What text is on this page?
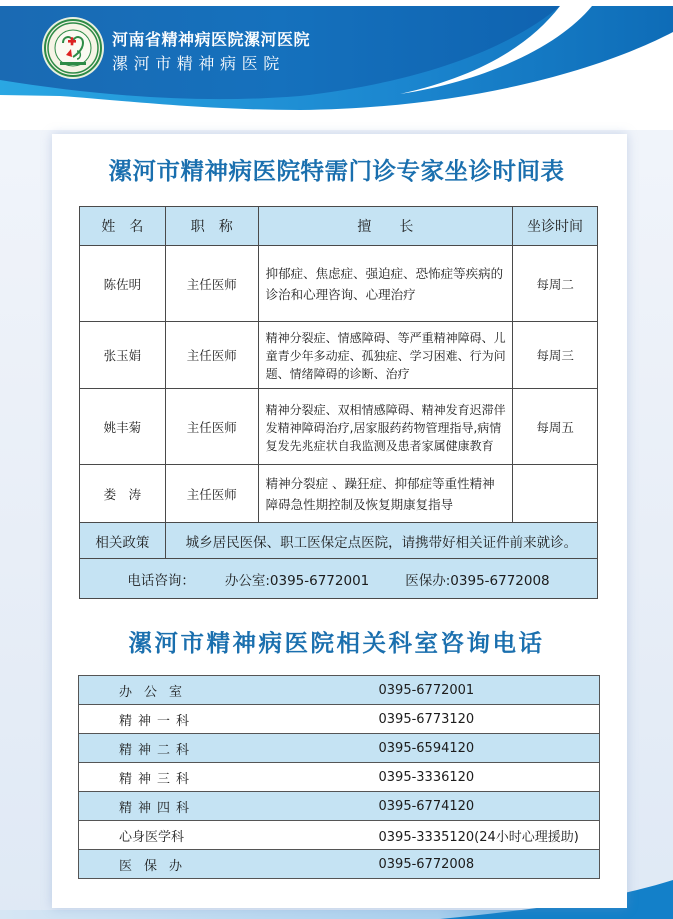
河南省精神病医院漯河医院
漯河市精神病医院
漯河市精神病医院特需门诊专家坐诊时间表
姓　名	职　称	擅　　长	坐诊时间
陈佐明	主任医师	抑郁症、焦虑症、强迫症、恐怖症等疾病的诊治和心理咨询、心理治疗	每周二
张玉娟	主任医师	精神分裂症、情感障碍、等严重精神障碍、儿童青少年多动症、孤独症、学习困难、行为问题、情绪障碍的诊断、治疗	每周三
姚丰菊	主任医师	精神分裂症、双相情感障碍、精神发育迟滞伴发精神障碍治疗,居家服药药物管理指导,病情复发先兆症状自我监测及患者家属健康教育	每周五
娄　涛	主任医师	精神分裂症 、躁狂症、抑郁症等重性精神障碍急性期控制及恢复期康复指导	
相关政策	城乡居民医保、职工医保定点医院，请携带好相关证件前来就诊。		

电话咨询： 办公室:0395-6772001 医保办:0395-6772008			
漯河市精神病医院相关科室咨询电话
办公室	0395-6772001
精神一科	0395-6773120
精神二科	0395-6594120
精神三科	0395-3336120
精神四科	0395-6774120
心身医学科	0395-3335120(24小时心理援助)
医保办	0395-6772008
